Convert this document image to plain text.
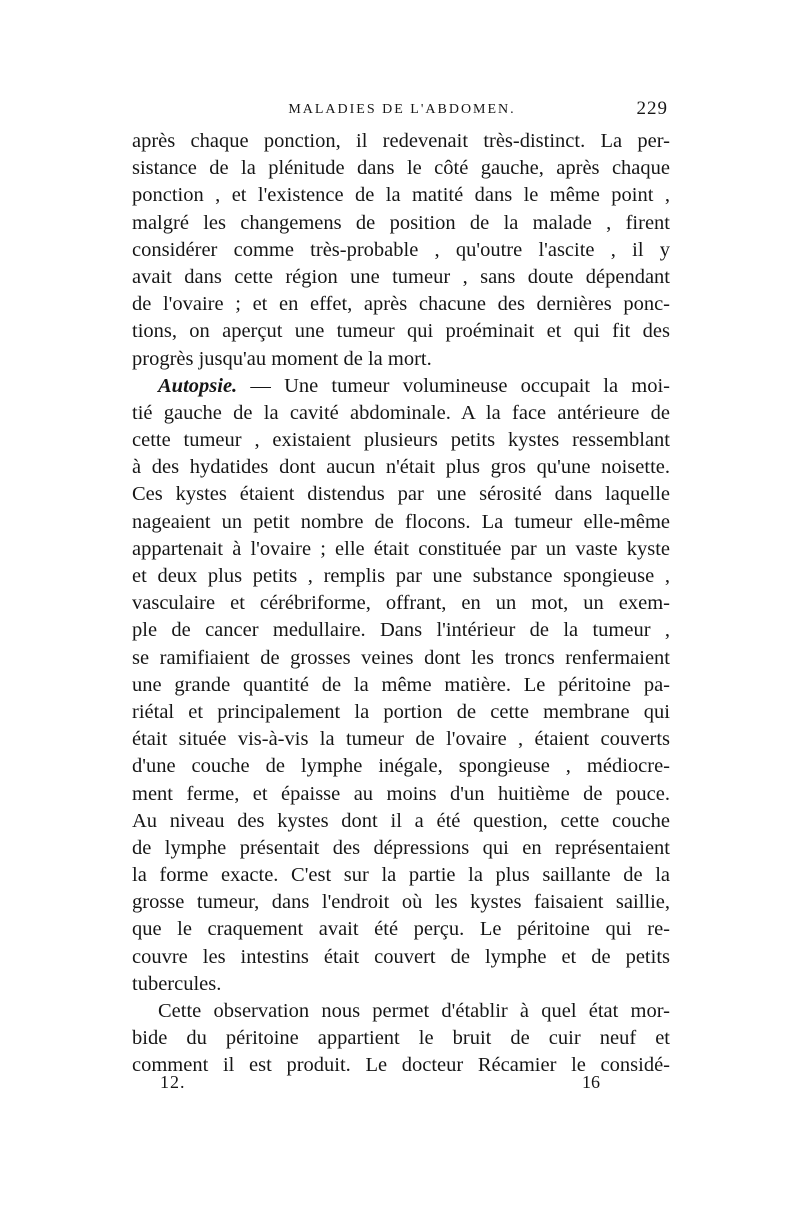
MALADIES DE L'ABDOMEN.	229
après chaque ponction, il redevenait très-distinct. La per-
sistance de la plénitude dans le côté gauche, après chaque
ponction , et l'existence de la matité dans le même point ,
malgré les changemens de position de la malade , firent
considérer comme très-probable , qu'outre l'ascite , il y
avait dans cette région une tumeur , sans doute dépendant
de l'ovaire ; et en effet, après chacune des dernières ponc-
tions, on aperçut une tumeur qui proéminait et qui fit des
progrès jusqu'au moment de la mort.
Autopsie. — Une tumeur volumineuse occupait la moi-
tié gauche de la cavité abdominale. A la face antérieure de
cette tumeur , existaient plusieurs petits kystes ressemblant
à des hydatides dont aucun n'était plus gros qu'une noisette.
Ces kystes étaient distendus par une sérosité dans laquelle
nageaient un petit nombre de flocons. La tumeur elle-même
appartenait à l'ovaire ; elle était constituée par un vaste kyste
et deux plus petits , remplis par une substance spongieuse ,
vasculaire et cérébriforme, offrant, en un mot, un exem-
ple de cancer medullaire. Dans l'intérieur de la tumeur ,
se ramifiaient de grosses veines dont les troncs renfermaient
une grande quantité de la même matière. Le péritoine pa-
riétal et principalement la portion de cette membrane qui
était située vis-à-vis la tumeur de l'ovaire , étaient couverts
d'une couche de lymphe inégale, spongieuse , médiocre-
ment ferme, et épaisse au moins d'un huitième de pouce.
Au niveau des kystes dont il a été question, cette couche
de lymphe présentait des dépressions qui en représentaient
la forme exacte. C'est sur la partie la plus saillante de la
grosse tumeur, dans l'endroit où les kystes faisaient saillie,
que le craquement avait été perçu. Le péritoine qui re-
couvre les intestins était couvert de lymphe et de petits
tubercules.
Cette observation nous permet d'établir à quel état mor-
bide du péritoine appartient le bruit de cuir neuf et
comment il est produit. Le docteur Récamier le considé-
12.	16
